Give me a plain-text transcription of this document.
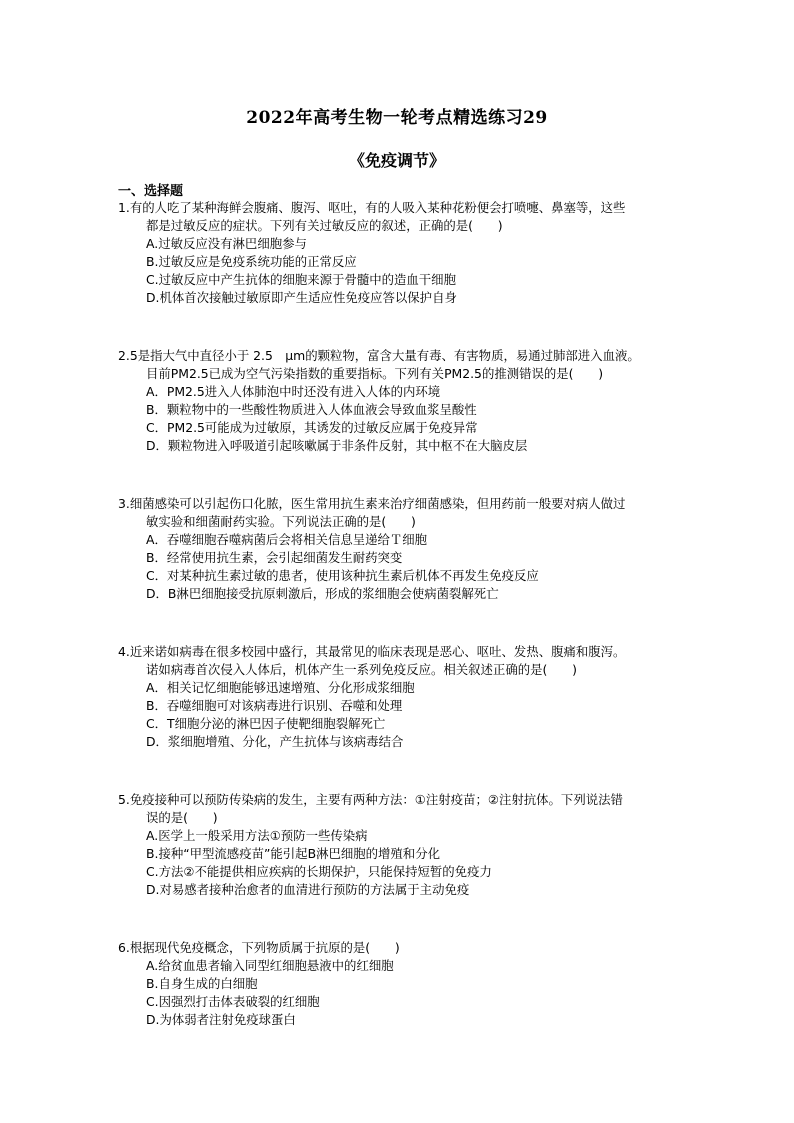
2022年高考生物一轮考点精选练习29
《免疫调节》
一、选择题
1.有的人吃了某种海鲜会腹痛、腹泻、呕吐，有的人吸入某种花粉便会打喷嚏、鼻塞等，这些
都是过敏反应的症状。下列有关过敏反应的叙述，正确的是(　　)
A.过敏反应没有淋巴细胞参与
B.过敏反应是免疫系统功能的正常反应
C.过敏反应中产生抗体的细胞来源于骨髓中的造血干细胞
D.机体首次接触过敏原即产生适应性免疫应答以保护自身
2.5是指大气中直径小于 2.5　μm的颗粒物，富含大量有毒、有害物质，易通过肺部进入血液。
目前PM2.5已成为空气污染指数的重要指标。下列有关PM2.5的推测错误的是(　　)
A．PM2.5进入人体肺泡中时还没有进入人体的内环境
B．颗粒物中的一些酸性物质进入人体血液会导致血浆呈酸性
C．PM2.5可能成为过敏原，其诱发的过敏反应属于免疫异常
D．颗粒物进入呼吸道引起咳嗽属于非条件反射，其中枢不在大脑皮层
3.细菌感染可以引起伤口化脓，医生常用抗生素来治疗细菌感染，但用药前一般要对病人做过
敏实验和细菌耐药实验。下列说法正确的是(　　)
A．吞噬细胞吞噬病菌后会将相关信息呈递给Ｔ细胞
B．经常使用抗生素，会引起细菌发生耐药突变
C．对某种抗生素过敏的患者，使用该种抗生素后机体不再发生免疫反应
D．B淋巴细胞接受抗原刺激后，形成的浆细胞会使病菌裂解死亡
4.近来诺如病毒在很多校园中盛行，其最常见的临床表现是恶心、呕吐、发热、腹痛和腹泻。
诺如病毒首次侵入人体后，机体产生一系列免疫反应。相关叙述正确的是(　　)
A．相关记忆细胞能够迅速增殖、分化形成浆细胞
B．吞噬细胞可对该病毒进行识别、吞噬和处理
C．T细胞分泌的淋巴因子使靶细胞裂解死亡
D．浆细胞增殖、分化，产生抗体与该病毒结合
5.免疫接种可以预防传染病的发生，主要有两种方法：①注射疫苗；②注射抗体。下列说法错
误的是(　　)
A.医学上一般采用方法①预防一些传染病
B.接种“甲型流感疫苗”能引起B淋巴细胞的增殖和分化
C.方法②不能提供相应疾病的长期保护，只能保持短暂的免疫力
D.对易感者接种治愈者的血清进行预防的方法属于主动免疫
6.根据现代免疫概念，下列物质属于抗原的是(　　)
A.给贫血患者输入同型红细胞悬液中的红细胞
B.自身生成的白细胞
C.因强烈打击体表破裂的红细胞
D.为体弱者注射免疫球蛋白
